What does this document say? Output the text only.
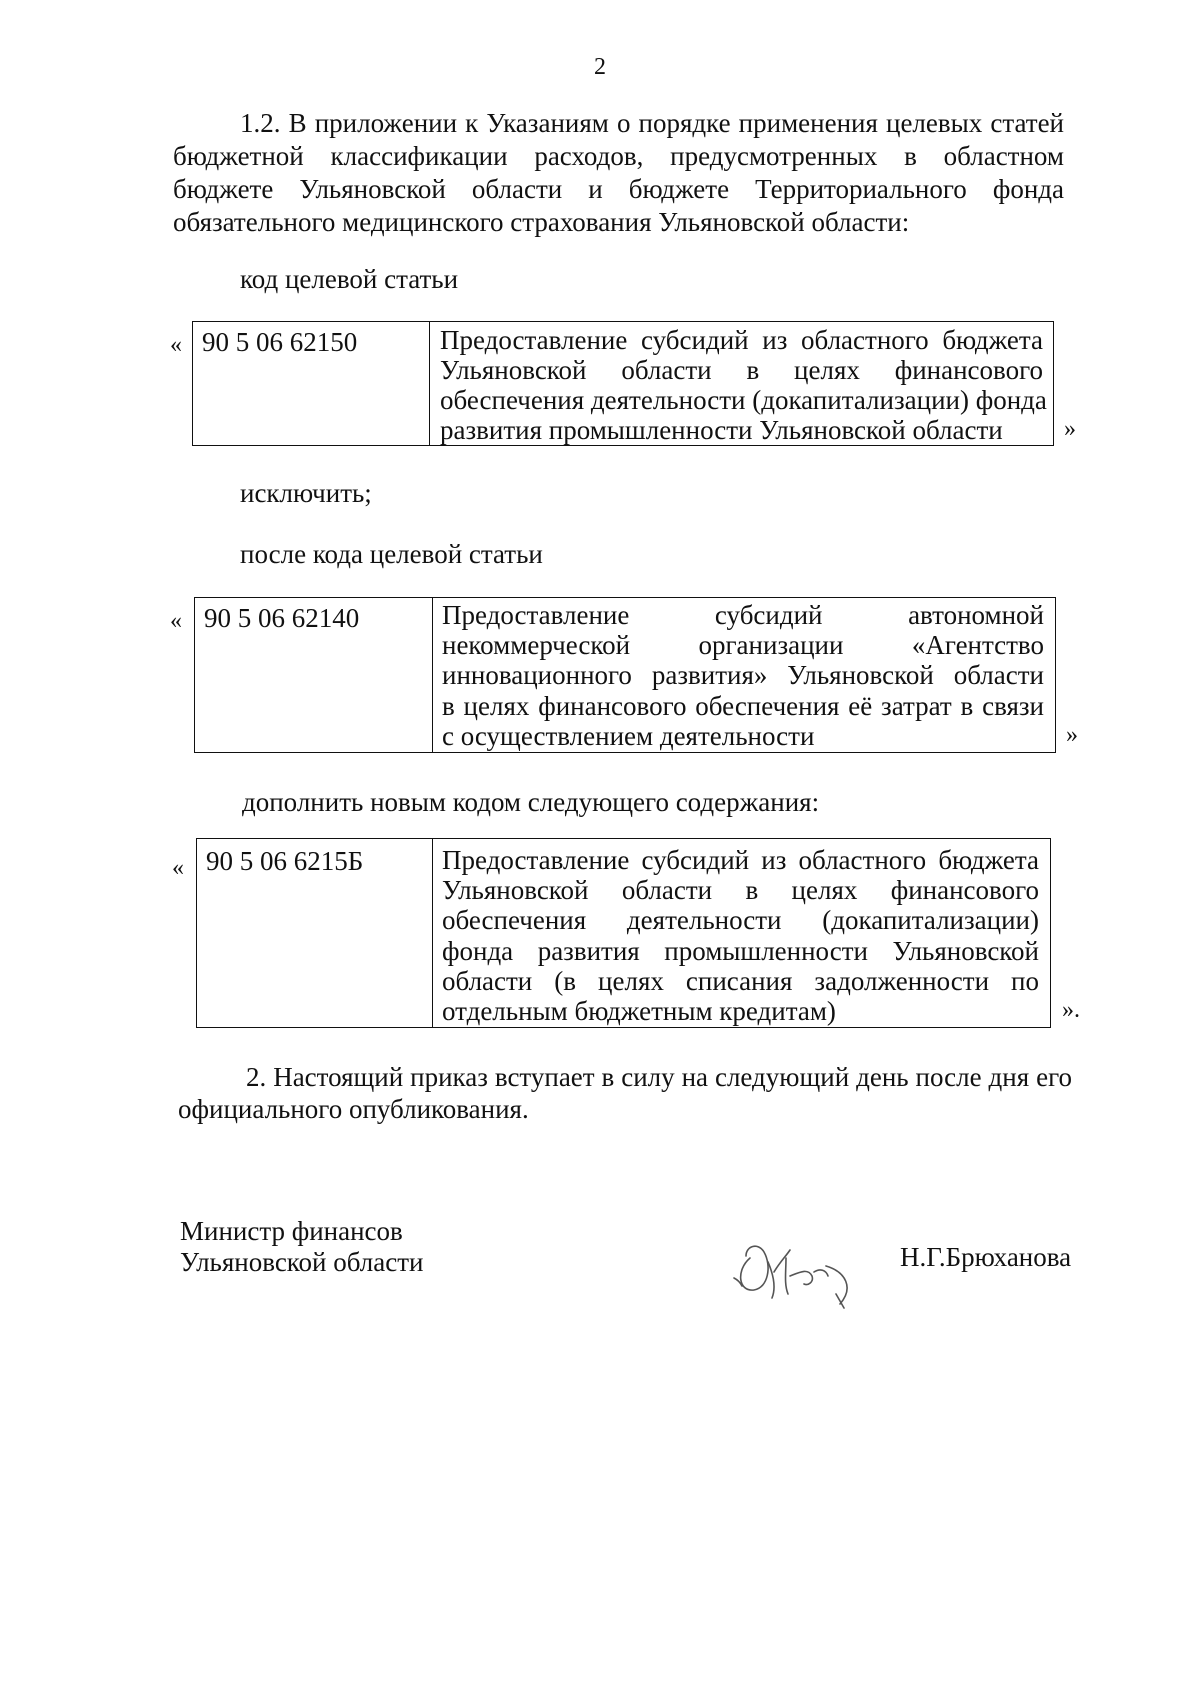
2
1.2. В приложении к Указаниям о порядке применения целевых статей
бюджетной классификации расходов, предусмотренных в областном
бюджете Ульяновской области и бюджете Территориального фонда
обязательного медицинского страхования Ульяновской области:
код целевой статьи
« 90 5 06 62150	Предоставление субсидий из областного бюджета
Ульяновской области в целях финансового
обеспечения деятельности (докапитализации) фонда
развития промышленности Ульяновской области	»
исключить;
после кода целевой статьи
« 90 5 06 62140	Предоставление субсидий автономной
некоммерческой организации «Агентство
инновационного развития» Ульяновской области
в целях финансового обеспечения её затрат в связи
с осуществлением деятельности	»
дополнить новым кодом следующего содержания:
« 90 5 06 6215Б	Предоставление субсидий из областного бюджета
Ульяновской области в целях финансового
обеспечения деятельности (докапитализации)
фонда развития промышленности Ульяновской
области (в целях списания задолженности по
отдельным бюджетным кредитам)	».
2. Настоящий приказ вступает в силу на следующий день после дня его
официального опубликования.
Министр финансов
Ульяновской области	Н.Г.Брюханова
